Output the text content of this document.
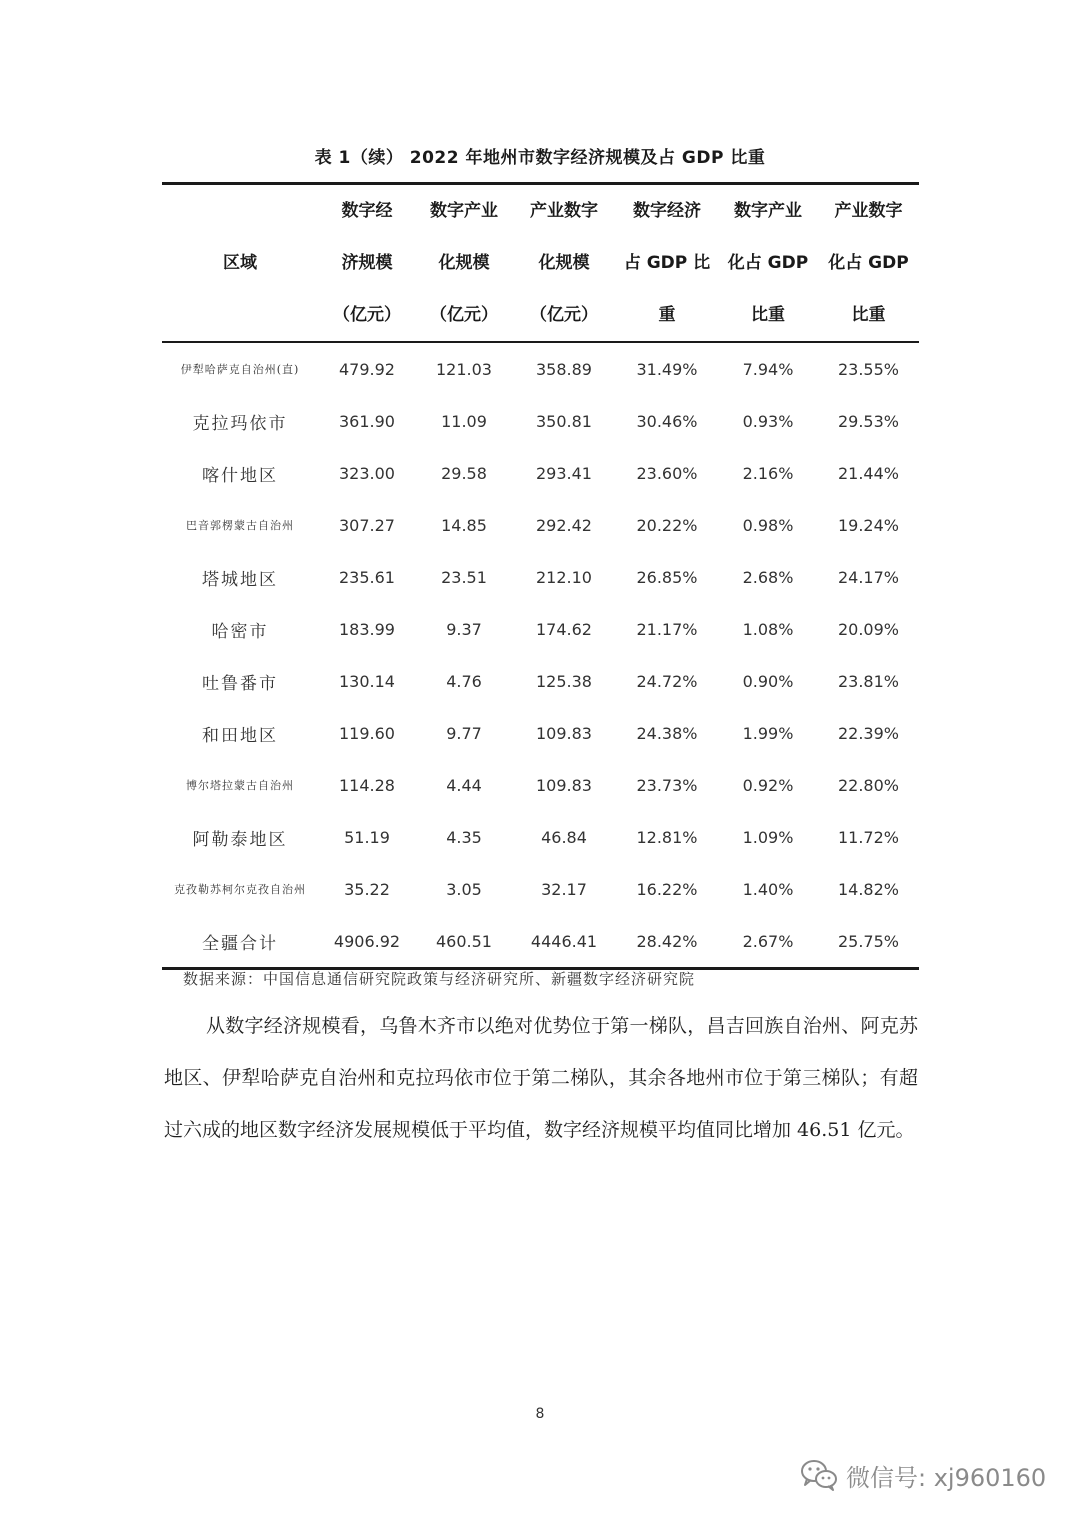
表 1（续） 2022 年地州市数字经济规模及占 GDP 比重
区域	数字经
济规模
（亿元）	数字产业
化规模
（亿元）	产业数字
化规模
（亿元）	数字经济
占 GDP 比
重	数字产业
化占 GDP
比重	产业数字
化占 GDP
比重

伊犁哈萨克自治州(直)	479.92	121.03	358.89	31.49%	7.94%	23.55%
克拉玛依市	361.90	11.09	350.81	30.46%	0.93%	29.53%
喀什地区	323.00	29.58	293.41	23.60%	2.16%	21.44%
巴音郭楞蒙古自治州	307.27	14.85	292.42	20.22%	0.98%	19.24%
塔城地区	235.61	23.51	212.10	26.85%	2.68%	24.17%
哈密市	183.99	9.37	174.62	21.17%	1.08%	20.09%
吐鲁番市	130.14	4.76	125.38	24.72%	0.90%	23.81%
和田地区	119.60	9.77	109.83	24.38%	1.99%	22.39%
博尔塔拉蒙古自治州	114.28	4.44	109.83	23.73%	0.92%	22.80%
阿勒泰地区	51.19	4.35	46.84	12.81%	1.09%	11.72%
克孜勒苏柯尔克孜自治州	35.22	3.05	32.17	16.22%	1.40%	14.82%
全疆合计	4906.92	460.51	4446.41	28.42%	2.67%	25.75%
数据来源：中国信息通信研究院政策与经济研究所、新疆数字经济研究院

从数字经济规模看，乌鲁木齐市以绝对优势位于第一梯队，昌吉回族自治州、阿克苏地区、伊犁哈萨克自治州和克拉玛依市位于第二梯队，其余各地州市位于第三梯队；有超过六成的地区数字经济发展规模低于平均值，数字经济规模平均值同比增加 46.51 亿元。

8
微信号: xj960160
